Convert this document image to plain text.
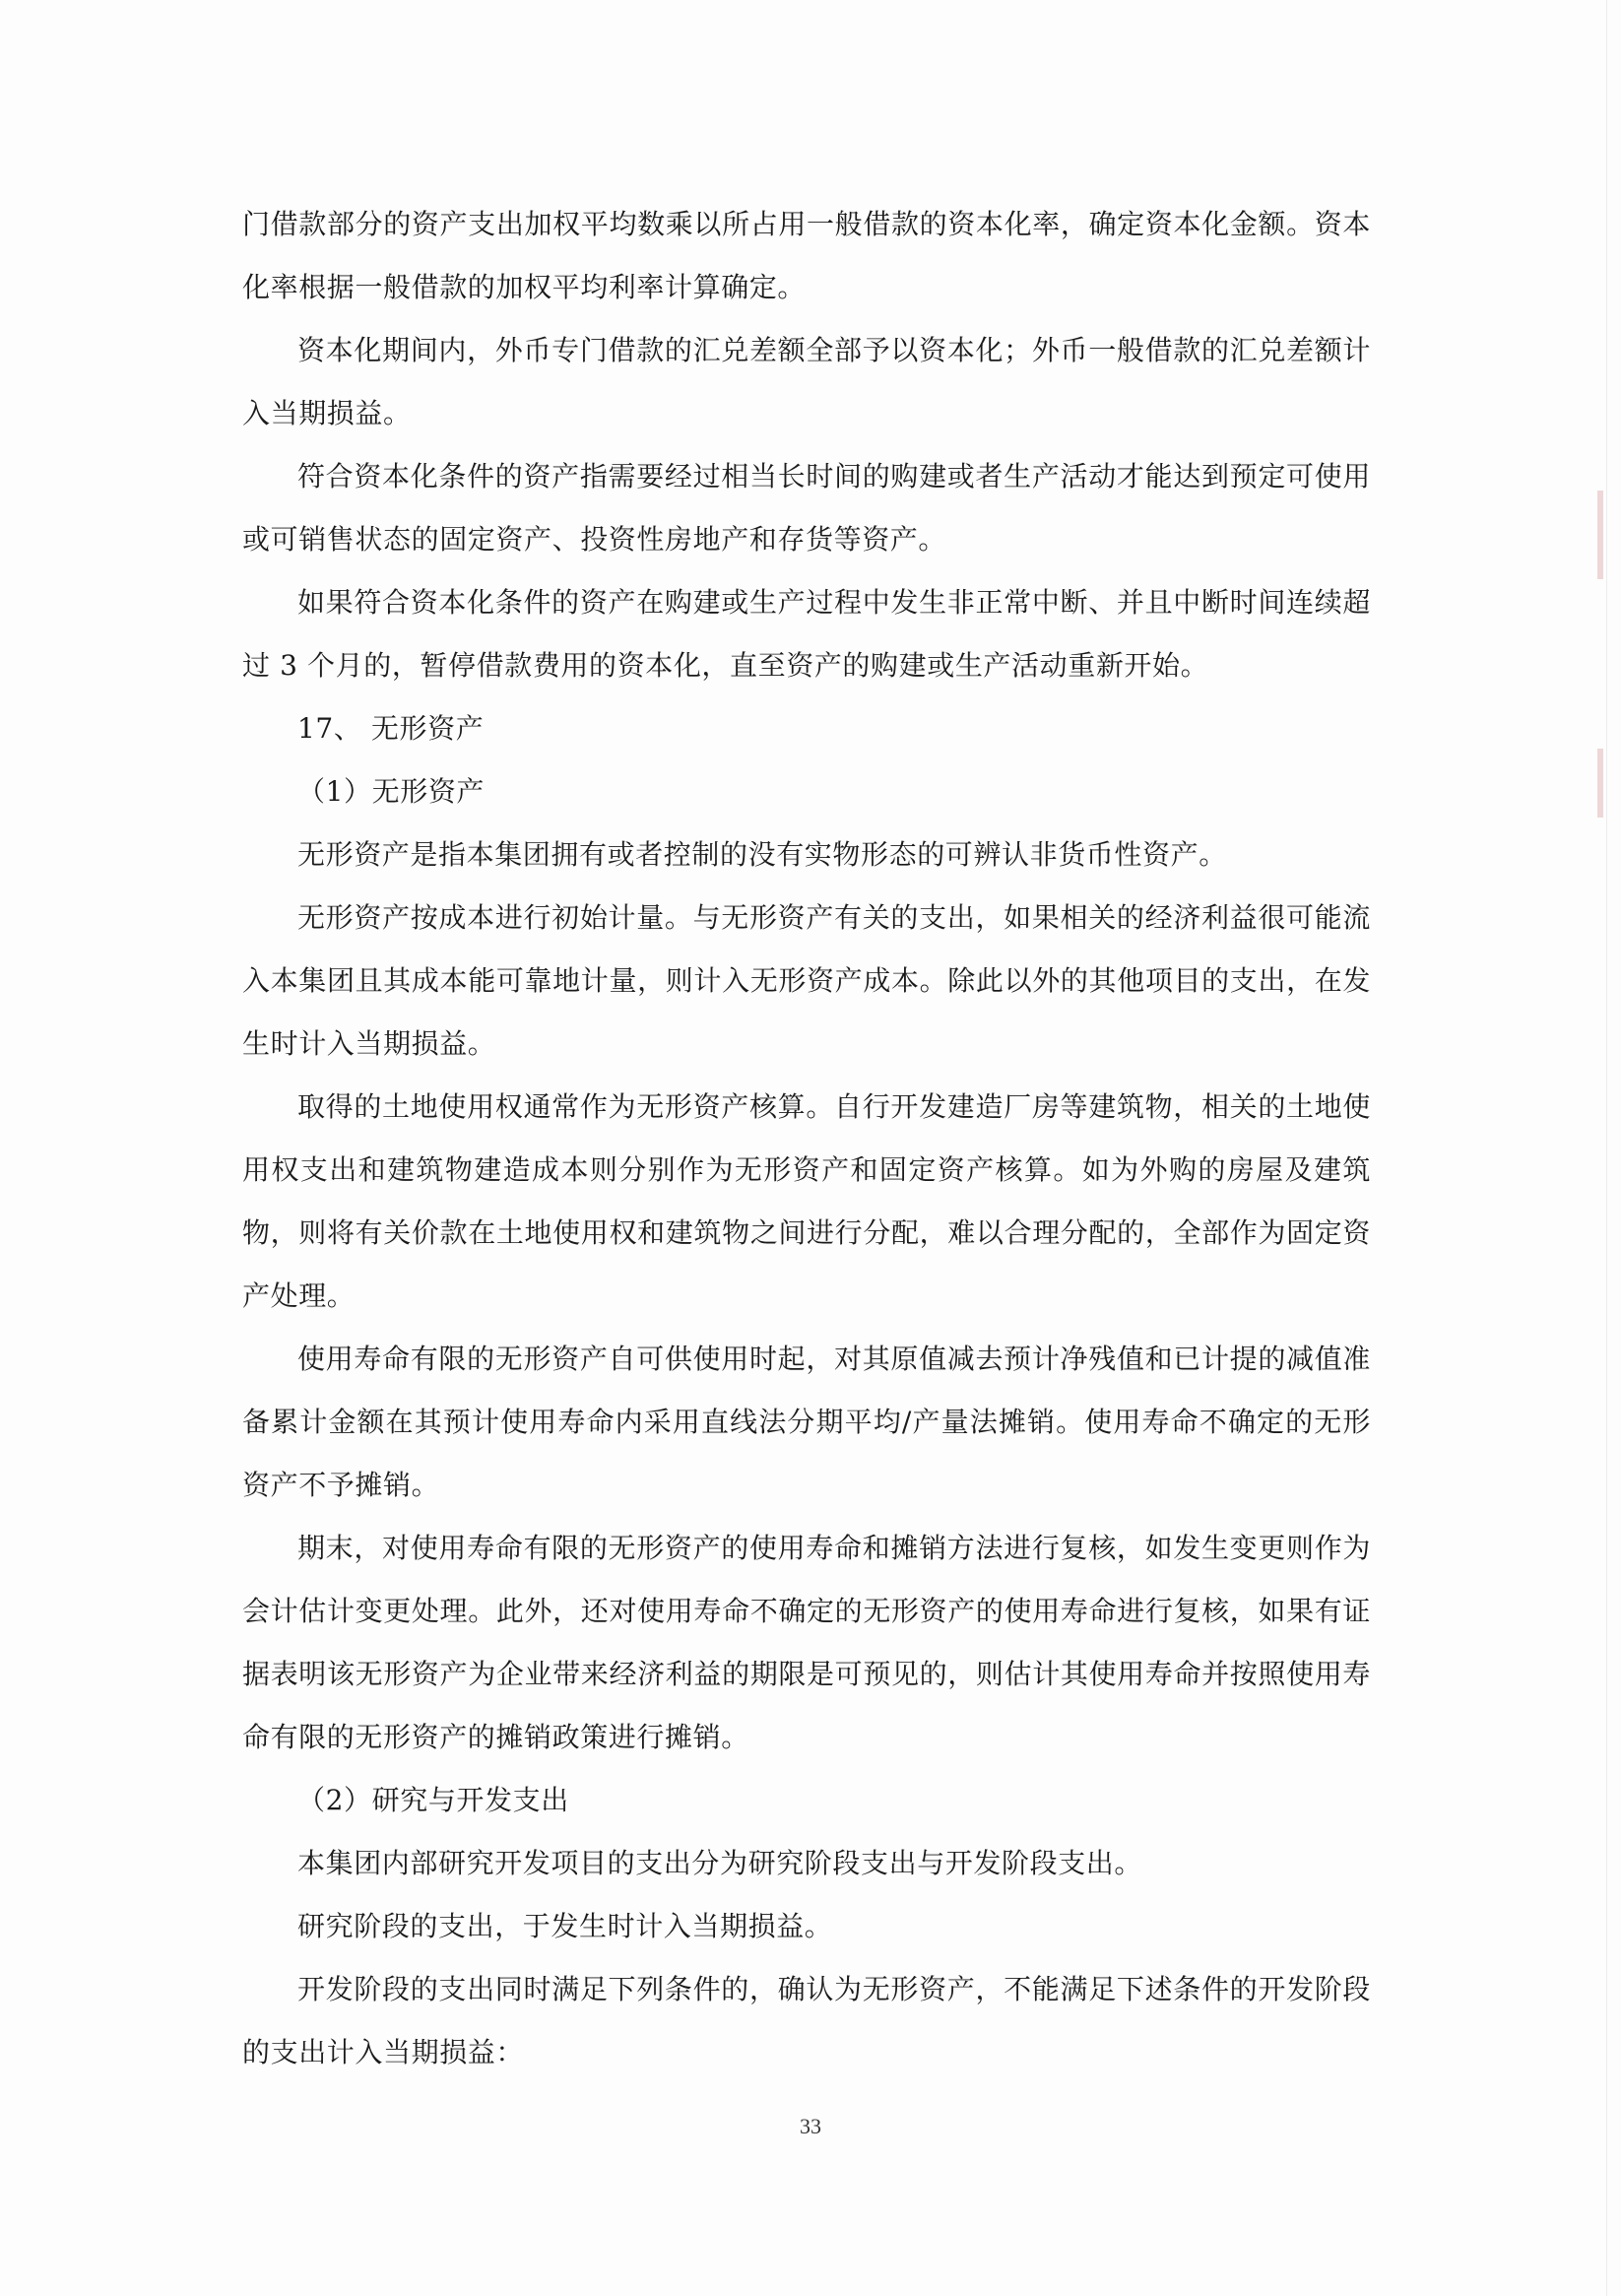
门借款部分的资产支出加权平均数乘以所占用一般借款的资本化率，确定资本化金额。资本化率根据一般借款的加权平均利率计算确定。

资本化期间内，外币专门借款的汇兑差额全部予以资本化；外币一般借款的汇兑差额计入当期损益。

符合资本化条件的资产指需要经过相当长时间的购建或者生产活动才能达到预定可使用或可销售状态的固定资产、投资性房地产和存货等资产。

如果符合资本化条件的资产在购建或生产过程中发生非正常中断、并且中断时间连续超过 3 个月的，暂停借款费用的资本化，直至资产的购建或生产活动重新开始。

17、 无形资产

（1）无形资产

无形资产是指本集团拥有或者控制的没有实物形态的可辨认非货币性资产。

无形资产按成本进行初始计量。与无形资产有关的支出，如果相关的经济利益很可能流入本集团且其成本能可靠地计量，则计入无形资产成本。除此以外的其他项目的支出，在发生时计入当期损益。

取得的土地使用权通常作为无形资产核算。自行开发建造厂房等建筑物，相关的土地使用权支出和建筑物建造成本则分别作为无形资产和固定资产核算。如为外购的房屋及建筑物，则将有关价款在土地使用权和建筑物之间进行分配，难以合理分配的，全部作为固定资产处理。

使用寿命有限的无形资产自可供使用时起，对其原值减去预计净残值和已计提的减值准备累计金额在其预计使用寿命内采用直线法分期平均/产量法摊销。使用寿命不确定的无形资产不予摊销。

期末，对使用寿命有限的无形资产的使用寿命和摊销方法进行复核，如发生变更则作为会计估计变更处理。此外，还对使用寿命不确定的无形资产的使用寿命进行复核，如果有证据表明该无形资产为企业带来经济利益的期限是可预见的，则估计其使用寿命并按照使用寿命有限的无形资产的摊销政策进行摊销。

（2）研究与开发支出

本集团内部研究开发项目的支出分为研究阶段支出与开发阶段支出。

研究阶段的支出，于发生时计入当期损益。

开发阶段的支出同时满足下列条件的，确认为无形资产，不能满足下述条件的开发阶段的支出计入当期损益：

33
